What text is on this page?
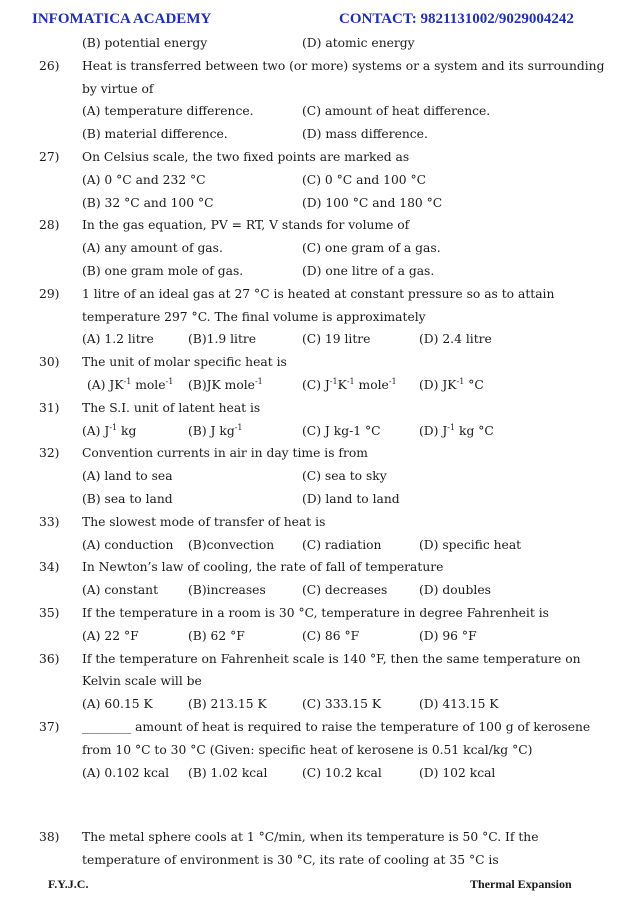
INFOMATICA ACADEMY	CONTACT: 9821131002/9029004242
(B) potential energy	(D) atomic energy
26) Heat is transferred between two (or more) systems or a system and its surrounding
by virtue of
(A) temperature difference.	(C) amount of heat difference.
(B) material difference.	(D) mass difference.
27) On Celsius scale, the two fixed points are marked as
(A) 0 °C and 232 °C	(C) 0 °C and 100 °C
(B) 32 °C and 100 °C	(D) 100 °C and 180 °C
28) In the gas equation, PV = RT, V stands for volume of
(A) any amount of gas.	(C) one gram of a gas.
(B) one gram mole of gas.	(D) one litre of a gas.
29) 1 litre of an ideal gas at 27 °C is heated at constant pressure so as to attain
temperature 297 °C. The final volume is approximately
(A) 1.2 litre	(B)1.9 litre	(C) 19 litre	(D) 2.4 litre
30) The unit of molar specific heat is
(A) $JK^{-1}$ mole$^{-1}$ (B)JK mole$^{-1}$	(C) $J^{-1}K^{-1}$ mole$^{-1}$ (D) $JK^{-1}$ °C
31) The S.I. unit of latent heat is
(A) $J^{-1}$ kg	(B) J $kg^{-1}$	(C) J kg-1 °C	(D) $J^{-1}$ kg °C
32) Convention currents in air in day time is from
(A) land to sea	(C) sea to sky
(B) sea to land	(D) land to land
33) The slowest mode of transfer of heat is
(A) conduction (B)convection (C) radiation	(D) specific heat
34) In Newton’s law of cooling, the rate of fall of temperature
(A) constant (B)increases	(C) decreases	(D) doubles
35) If the temperature in a room is 30 °C, temperature in degree Fahrenheit is
(A) 22 °F	(B) 62 °F	(C) 86 °F	(D) 96 °F
36) If the temperature on Fahrenheit scale is 140 °F, then the same temperature on
Kelvin scale will be
(A) 60.15 K	(B) 213.15 K	(C) 333.15 K	(D) 413.15 K
37) ________ amount of heat is required to raise the temperature of 100 g of kerosene
from 10 °C to 30 °C (Given: specific heat of kerosene is 0.51 kcal/kg °C)
(A) 0.102 kcal (B) 1.02 kcal	(C) 10.2 kcal	(D) 102 kcal
38) The metal sphere cools at 1 °C/min, when its temperature is 50 °C. If the
temperature of environment is 30 °C, its rate of cooling at 35 °C is
F.Y.J.C.	Thermal Expansion
